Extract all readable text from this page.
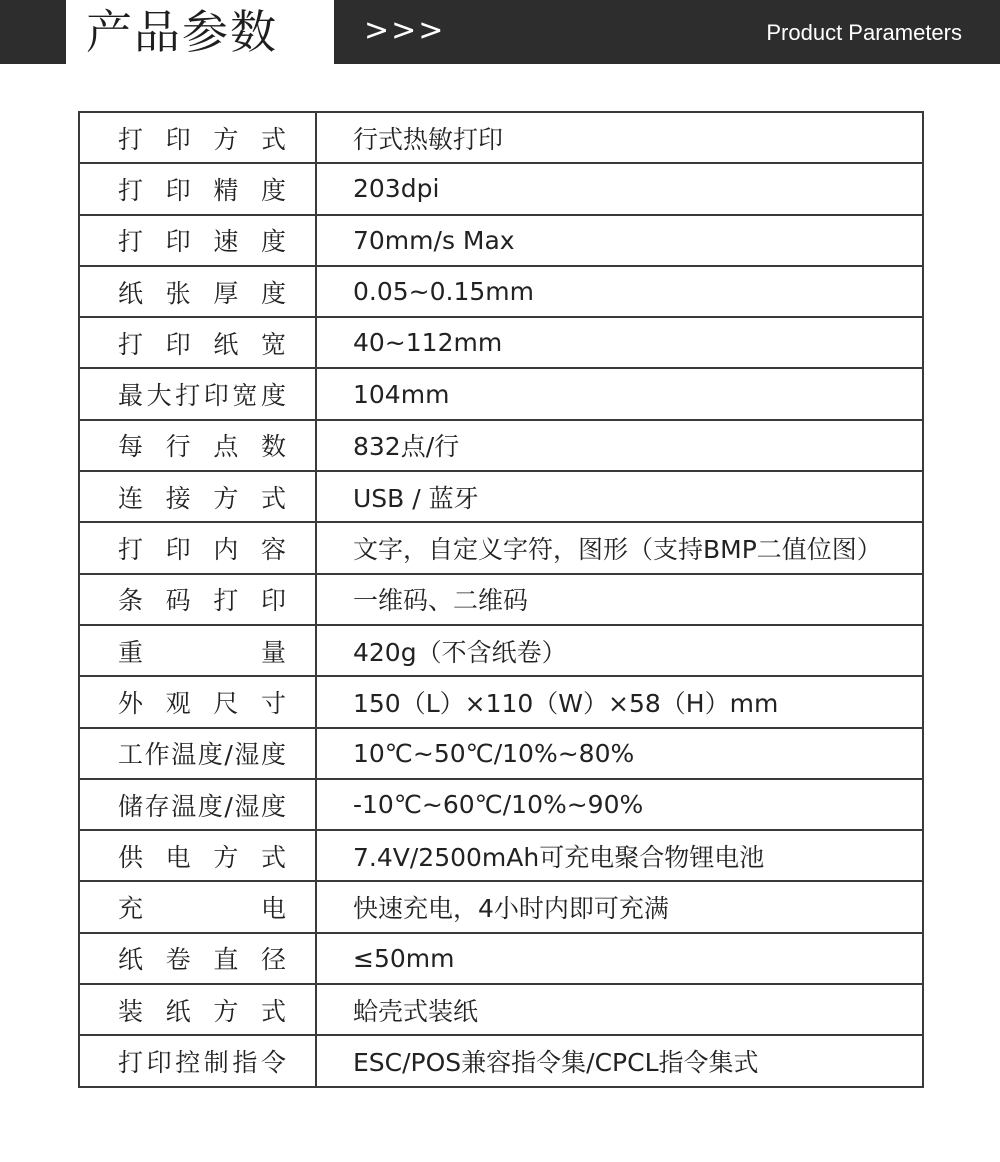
产品参数	>>>	Product Parameters
打 印 方 式	行式热敏打印

打 印 精 度	203dpi

打 印 速 度	70mm/s Max

纸 张 厚 度	0.05~0.15mm

打 印 纸 宽	40~112mm

最大打印宽度	104mm

每 行 点 数	832点/行

连 接 方 式	USB / 蓝牙

打 印 内 容	文字，自定义字符，图形（支持BMP二值位图）

条 码 打 印	一维码、二维码

重 量	420g（不含纸卷）

外 观 尺 寸	150（L）×110（W）×58（H）mm

工作温度/湿度	10℃~50℃/10%~80%

储存温度/湿度	-10℃~60℃/10%~90%

供 电 方 式	7.4V/2500mAh可充电聚合物锂电池

充 电	快速充电，4小时内即可充满

纸 卷 直 径	≤50mm

装 纸 方 式	蛤壳式装纸

打印控制指令	ESC/POS兼容指令集/CPCL指令集式
